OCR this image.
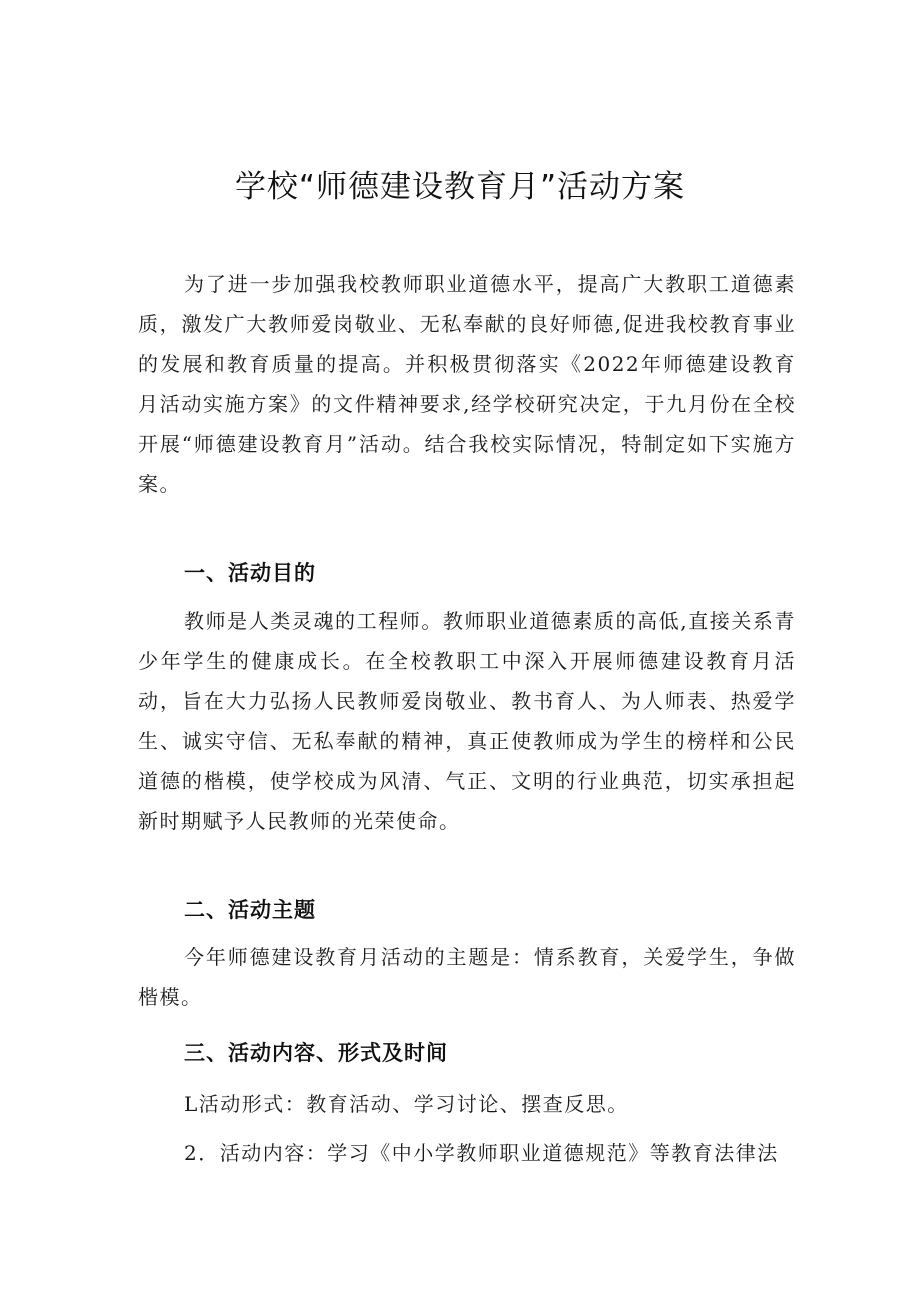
学校“师德建设教育月”活动方案

为了进一步加强我校教师职业道德水平，提高广大教职工道德素质，激发广大教师爱岗敬业、无私奉献的良好师德,促进我校教育事业的发展和教育质量的提高。并积极贯彻落实《2022年师德建设教育月活动实施方案》的文件精神要求,经学校研究决定，于九月份在全校开展“师德建设教育月”活动。结合我校实际情况，特制定如下实施方案。

一、活动目的

教师是人类灵魂的工程师。教师职业道德素质的高低,直接关系青少年学生的健康成长。在全校教职工中深入开展师德建设教育月活动，旨在大力弘扬人民教师爱岗敬业、教书育人、为人师表、热爱学生、诚实守信、无私奉献的精神，真正使教师成为学生的榜样和公民道德的楷模，使学校成为风清、气正、文明的行业典范，切实承担起新时期赋予人民教师的光荣使命。

二、活动主题

今年师德建设教育月活动的主题是：情系教育，关爱学生，争做楷模。

三、活动内容、形式及时间

L活动形式：教育活动、学习讨论、摆查反思。

2．活动内容：学习《中小学教师职业道德规范》等教育法律法
